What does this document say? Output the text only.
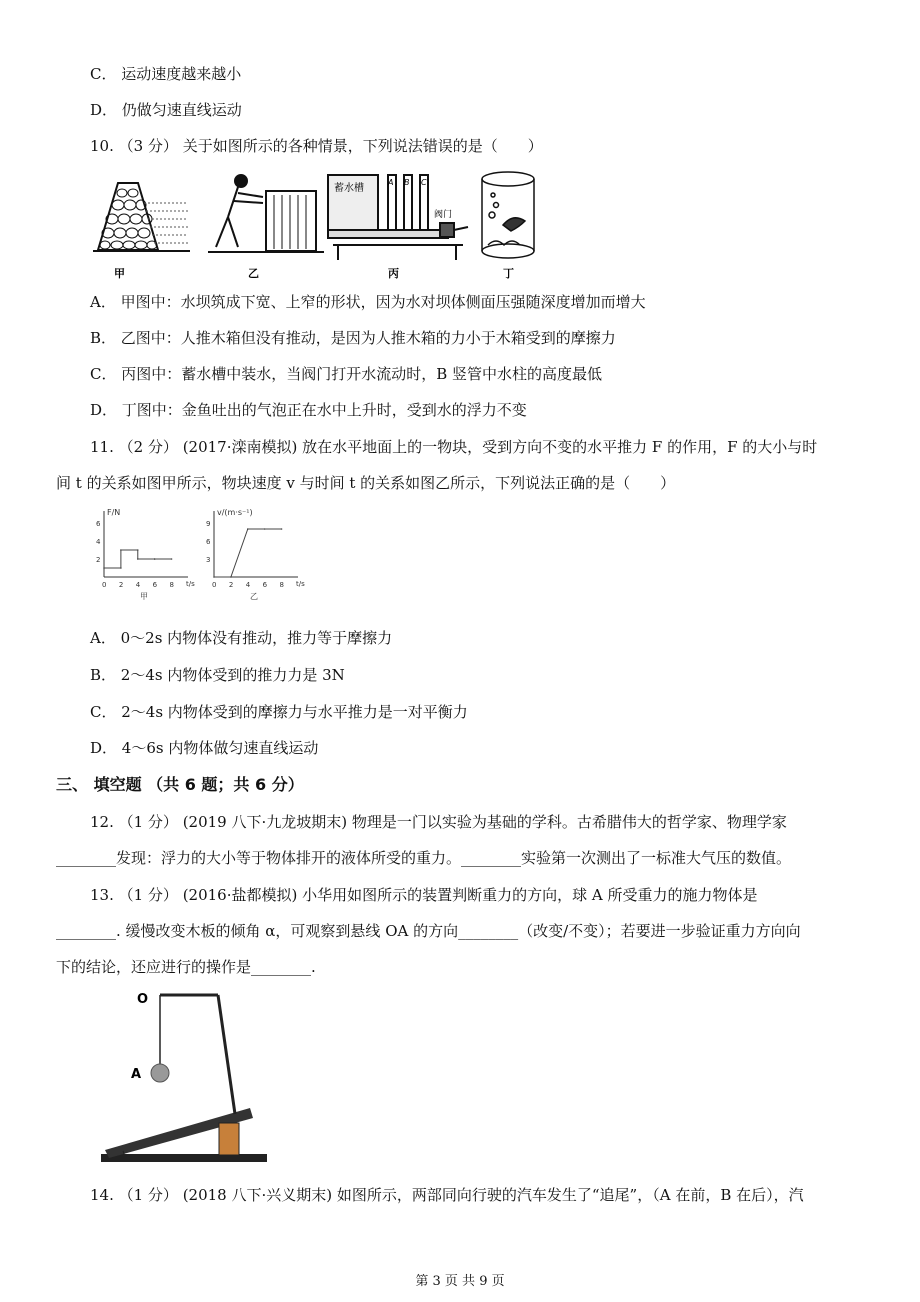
C． 运动速度越来越小
D． 仍做匀速直线运动
10. （3 分） 关于如图所示的各种情景，下列说法错误的是（　　）
甲	乙
蓄水槽
A B C
阀门
丙	丁
A． 甲图中：水坝筑成下宽、上窄的形状，因为水对坝体侧面压强随深度增加而增大
B． 乙图中：人推木箱但没有推动，是因为人推木箱的力小于木箱受到的摩擦力
C． 丙图中：蓄水槽中装水，当阀门打开水流动时，B 竖管中水柱的高度最低
D． 丁图中：金鱼吐出的气泡正在水中上升时，受到水的浮力不变
11. （2 分） (2017·滦南模拟) 放在水平地面上的一物块，受到方向不变的水平推力 F 的作用，F 的大小与时
间 t 的关系如图甲所示，物块速度 v 与时间 t 的关系如图乙所示，下列说法正确的是（　　）
F/N
t/s
6
4
2
0 2 4 6 8
甲
v/(m·s⁻¹)
t/s
9
6
3
0 2 4 6 8
乙
A． 0～2s 内物体没有推动，推力等于摩擦力
B． 2～4s 内物体受到的推力力是 3N
C． 2～4s 内物体受到的摩擦力与水平推力是一对平衡力
D． 4～6s 内物体做匀速直线运动
三、 填空题 （共 6 题；共 6 分）
12. （1 分） (2019 八下·九龙坡期末) 物理是一门以实验为基础的学科。古希腊伟大的哲学家、物理学家
________发现：浮力的大小等于物体排开的液体所受的重力。________实验第一次测出了一标准大气压的数值。
13. （1 分） (2016·盐都模拟) 小华用如图所示的装置判断重力的方向，球 A 所受重力的施力物体是
________. 缓慢改变木板的倾角 α，可观察到悬线 OA 的方向________（改变/不变）；若要进一步验证重力方向向
下的结论，还应进行的操作是________.
O
A
α
14. （1 分） (2018 八下·兴义期末) 如图所示，两部同向行驶的汽车发生了“追尾”，（A 在前，B 在后），汽
第 3 页 共 9 页
